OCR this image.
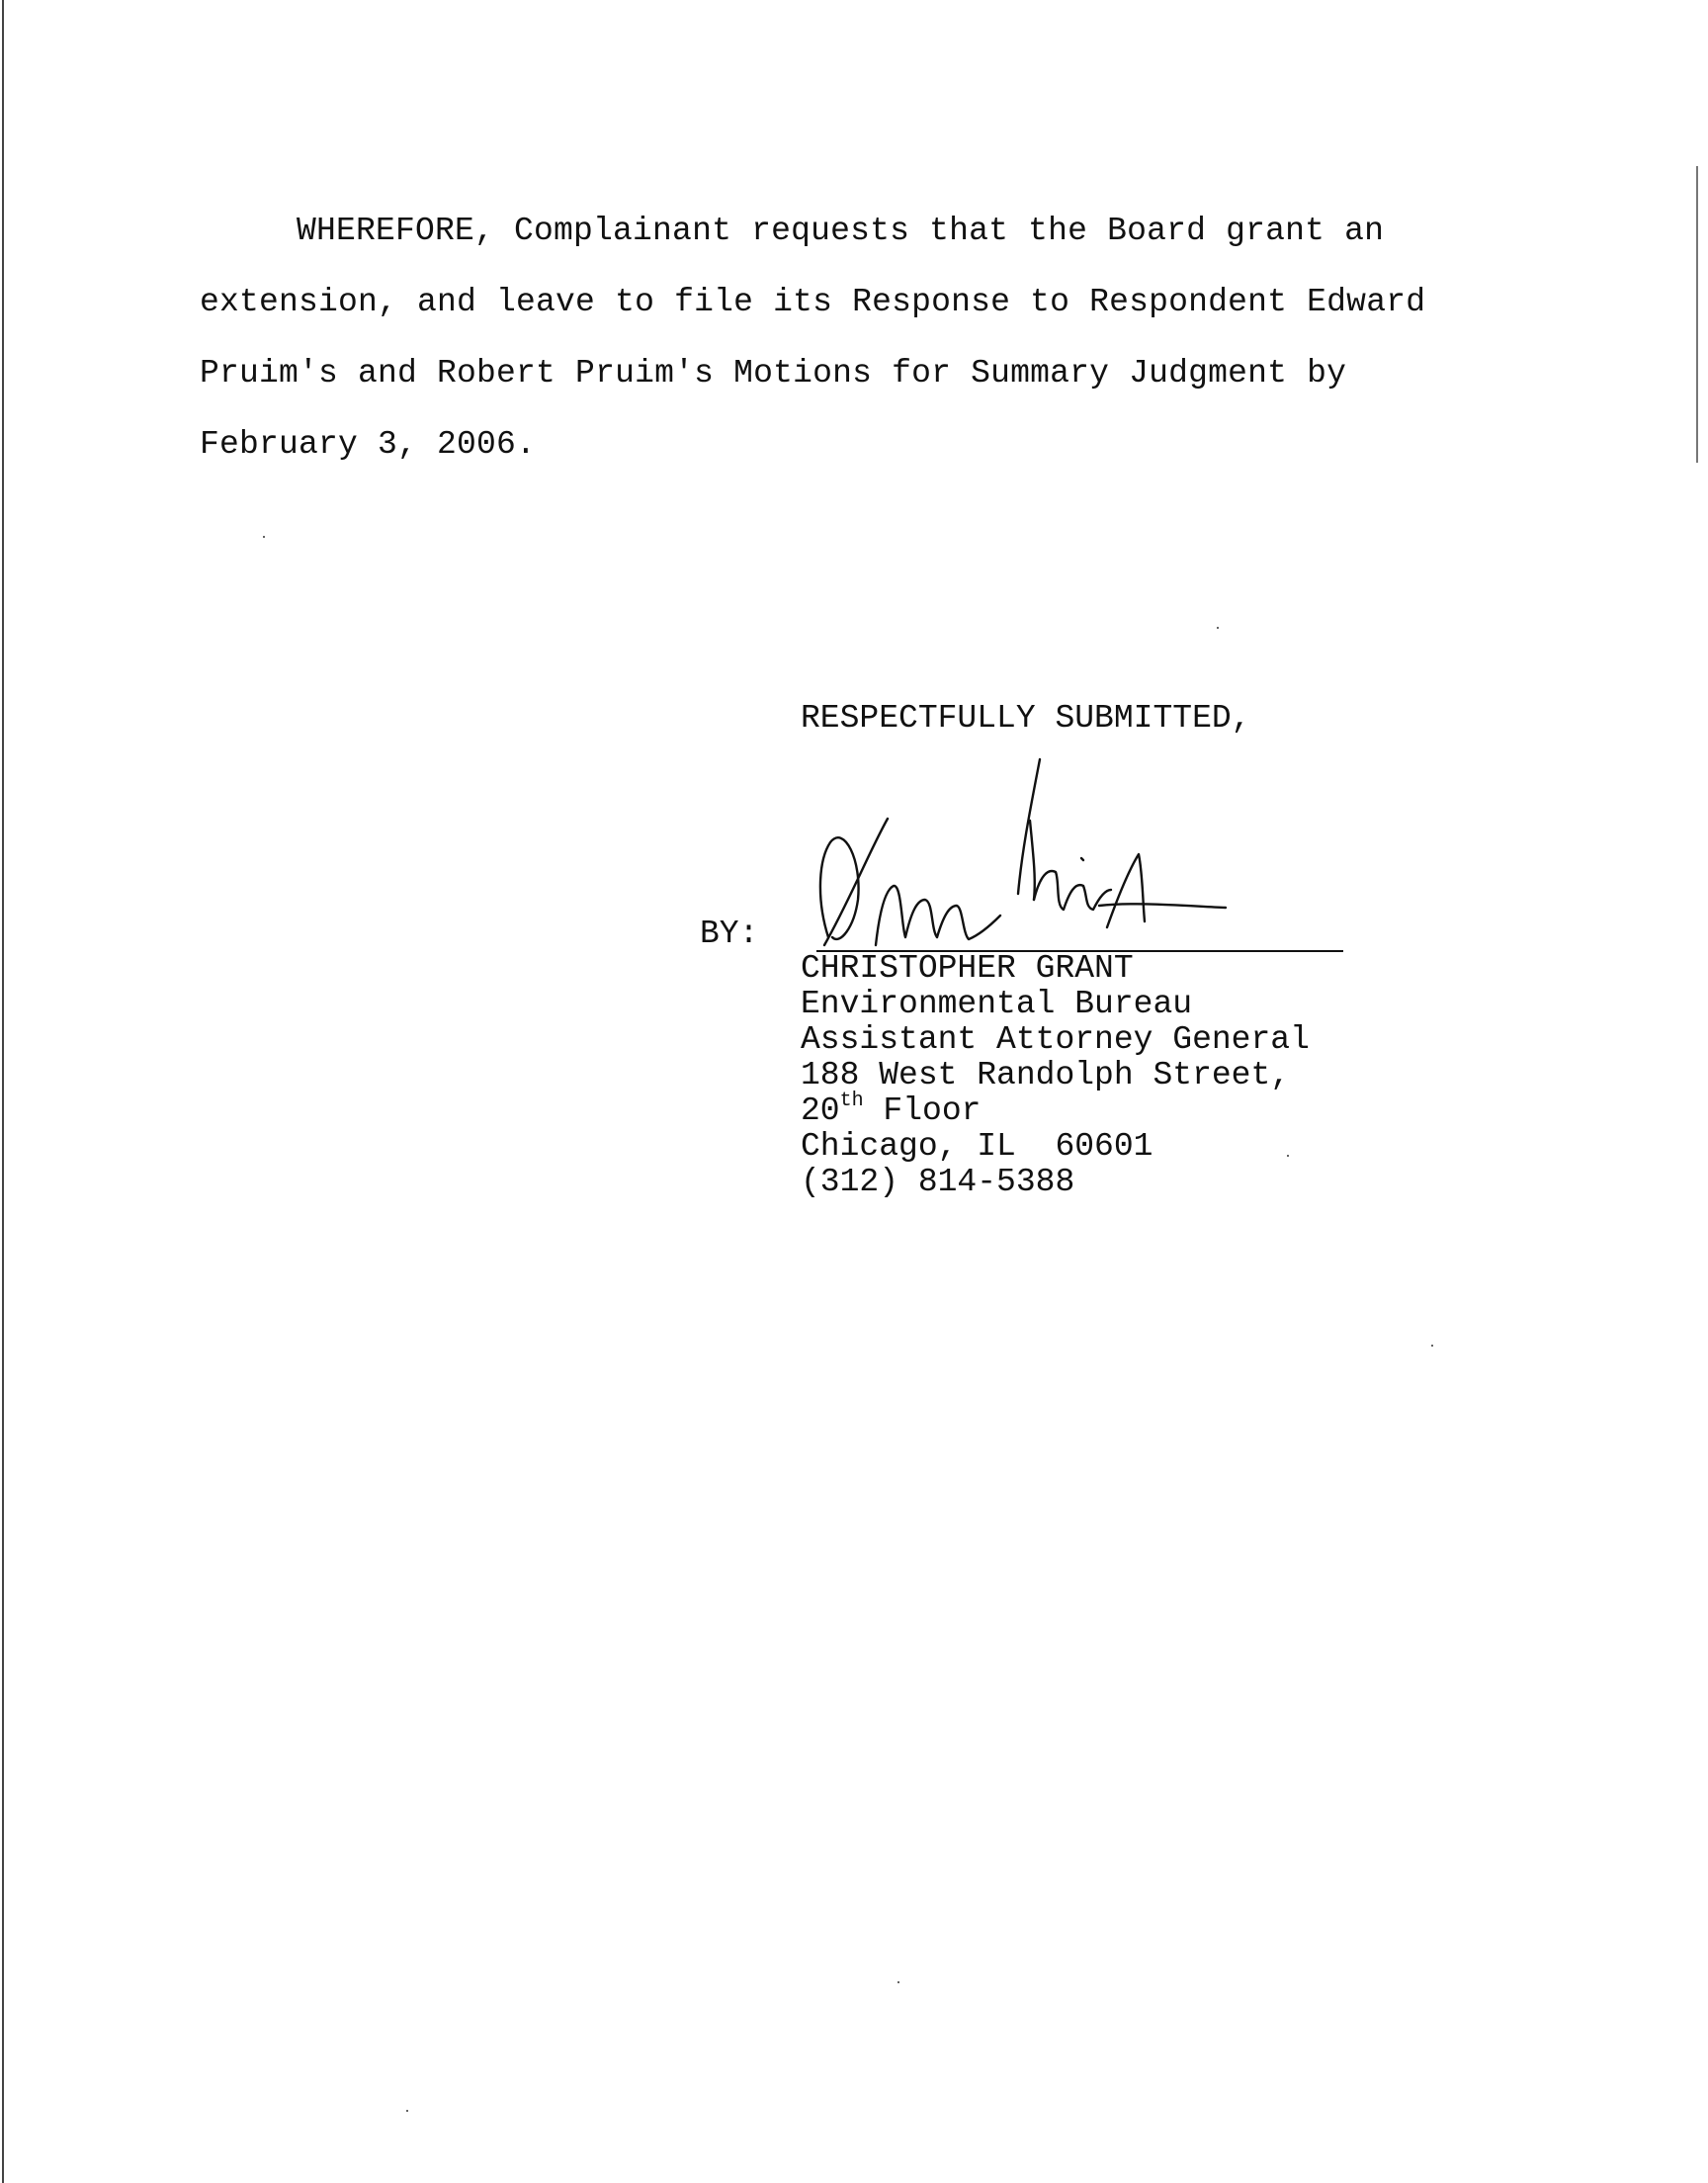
WHEREFORE, Complainant requests that the Board grant an
extension, and leave to file its Response to Respondent Edward
Pruim's and Robert Pruim's Motions for Summary Judgment by
February 3, 2006.
RESPECTFULLY SUBMITTED,
BY:
CHRISTOPHER GRANT
Environmental Bureau
Assistant Attorney General
188 West Randolph Street,
20th Floor
Chicago, IL  60601
(312) 814-5388
